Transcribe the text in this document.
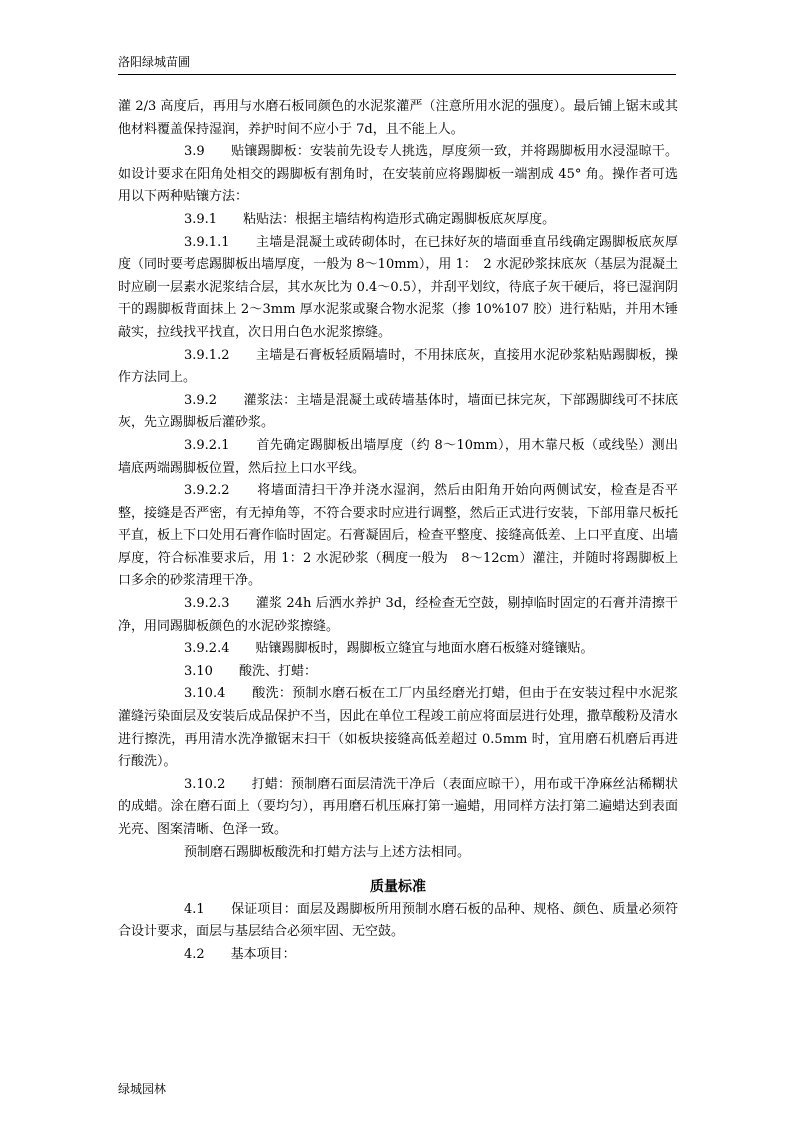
洛阳绿城苗圃

灌 2/3 高度后，再用与水磨石板同颜色的水泥浆灌严（注意所用水泥的强度）。最后铺上锯末或其他材料覆盖保持湿润，养护时间不应小于 7d，且不能上人。

3.9　　贴镶踢脚板：安装前先设专人挑选，厚度须一致，并将踢脚板用水浸湿晾干。如设计要求在阳角处相交的踢脚板有割角时，在安装前应将踢脚板一端割成 45° 角。操作者可选用以下两种贴镶方法：

3.9.1　　粘贴法：根据主墙结构构造形式确定踢脚板底灰厚度。

3.9.1.1　　主墙是混凝土或砖砌体时，在已抹好灰的墙面垂直吊线确定踢脚板底灰厚度（同时要考虑踢脚板出墙厚度，一般为 8～10mm），用 1：　2 水泥砂浆抹底灰（基层为混凝土时应刷一层素水泥浆结合层，其水灰比为 0.4～0.5），并刮平划纹，待底子灰干硬后，将已湿润阴干的踢脚板背面抹上 2～3mm 厚水泥浆或聚合物水泥浆（掺 10%107 胶）进行粘贴，并用木锤敲实，拉线找平找直，次日用白色水泥浆擦缝。

3.9.1.2　　主墙是石膏板轻质隔墙时，不用抹底灰，直接用水泥砂浆粘贴踢脚板，操作方法同上。

3.9.2　　灌浆法：主墙是混凝土或砖墙基体时，墙面已抹完灰，下部踢脚线可不抹底灰，先立踢脚板后灌砂浆。

3.9.2.1　　首先确定踢脚板出墙厚度（约 8～10mm），用木靠尺板（或线坠）测出墙底两端踢脚板位置，然后拉上口水平线。

3.9.2.2　　将墙面清扫干净并浇水湿润，然后由阳角开始向两侧试安，检查是否平整，接缝是否严密，有无掉角等，不符合要求时应进行调整，然后正式进行安装，下部用靠尺板托平直，板上下口处用石膏作临时固定。石膏凝固后，检查平整度、接缝高低差、上口平直度、出墙厚度，符合标准要求后，用 1：2 水泥砂浆（稠度一般为　8～12cm）灌注，并随时将踢脚板上口多余的砂浆清理干净。

3.9.2.3　　灌浆 24h 后洒水养护 3d，经检查无空鼓，剔掉临时固定的石膏并清擦干净，用同踢脚板颜色的水泥砂浆擦缝。

3.9.2.4　　贴镶踢脚板时，踢脚板立缝宜与地面水磨石板缝对缝镶贴。

3.10　　酸洗、打蜡：

3.10.4　　酸洗：预制水磨石板在工厂内虽经磨光打蜡，但由于在安装过程中水泥浆灌缝污染面层及安装后成品保护不当，因此在单位工程竣工前应将面层进行处理，撒草酸粉及清水进行擦洗，再用清水洗净撤锯末扫干（如板块接缝高低差超过 0.5mm 时，宜用磨石机磨后再进行酸洗）。

3.10.2　　打蜡：预制磨石面层清洗干净后（表面应晾干），用布或干净麻丝沾稀糊状的成蜡。涂在磨石面上（要均匀），再用磨石机压麻打第一遍蜡，用同样方法打第二遍蜡达到表面光亮、图案清晰、色泽一致。

预制磨石踢脚板酸洗和打蜡方法与上述方法相同。

质量标准

4.1　　保证项目：面层及踢脚板所用预制水磨石板的品种、规格、颜色、质量必须符合设计要求，面层与基层结合必须牢固、无空鼓。

4.2　　基本项目：

绿城园林
